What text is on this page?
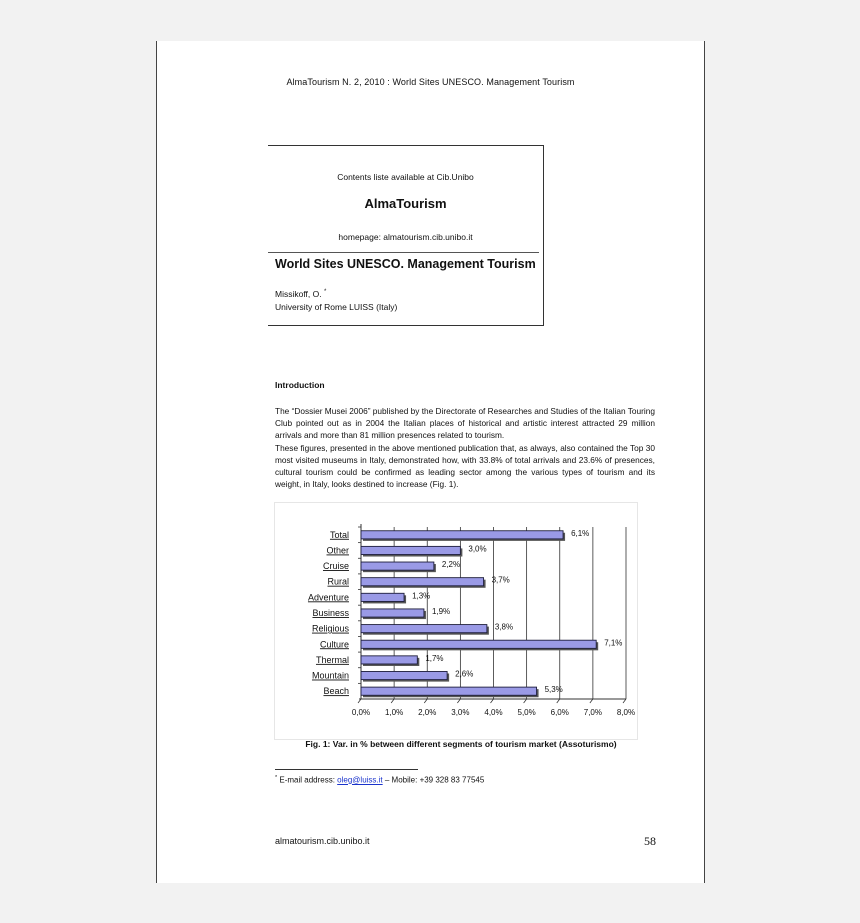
AlmaTourism N. 2, 2010 : World Sites UNESCO. Management Tourism
Contents liste available at Cib.Unibo
AlmaTourism
homepage: almatourism.cib.unibo.it
World Sites UNESCO. Management Tourism
Missikoff, O. *
University of Rome LUISS (Italy)
Introduction

The “Dossier Musei 2006” published by the Directorate of Researches and Studies of the Italian Touring Club pointed out as in 2004 the Italian places of historical and artistic interest attracted 29 million arrivals and more than 81 million presences related to tourism.

These figures, presented in the above mentioned publication that, as always, also contained the Top 30 most visited museums in Italy, demonstrated how, with 33.8% of total arrivals and 23.6% of presences, cultural tourism could be confirmed as leading sector among the various types of tourism and its weight, in Italy, looks destined to increase (Fig. 1).

0,0% 1,0% 2,0% 3,0% 4,0% 5,0% 6,0% 7,0% 8,0%
Total	6,1%
Other	3,0%
Cruise	2,2%
Rural	3,7%
Adventure	1,3%
Business	1,9%
Religious	3,8%
Culture	7,1%
Thermal	1,7%
Mountain	2,6%
Beach	5,3%
Fig. 1: Var. in % between different segments of tourism market (Assoturismo)
* E-mail address: oleg@luiss.it – Mobile: +39 328 83 77545
almatourism.cib.unibo.it	58
